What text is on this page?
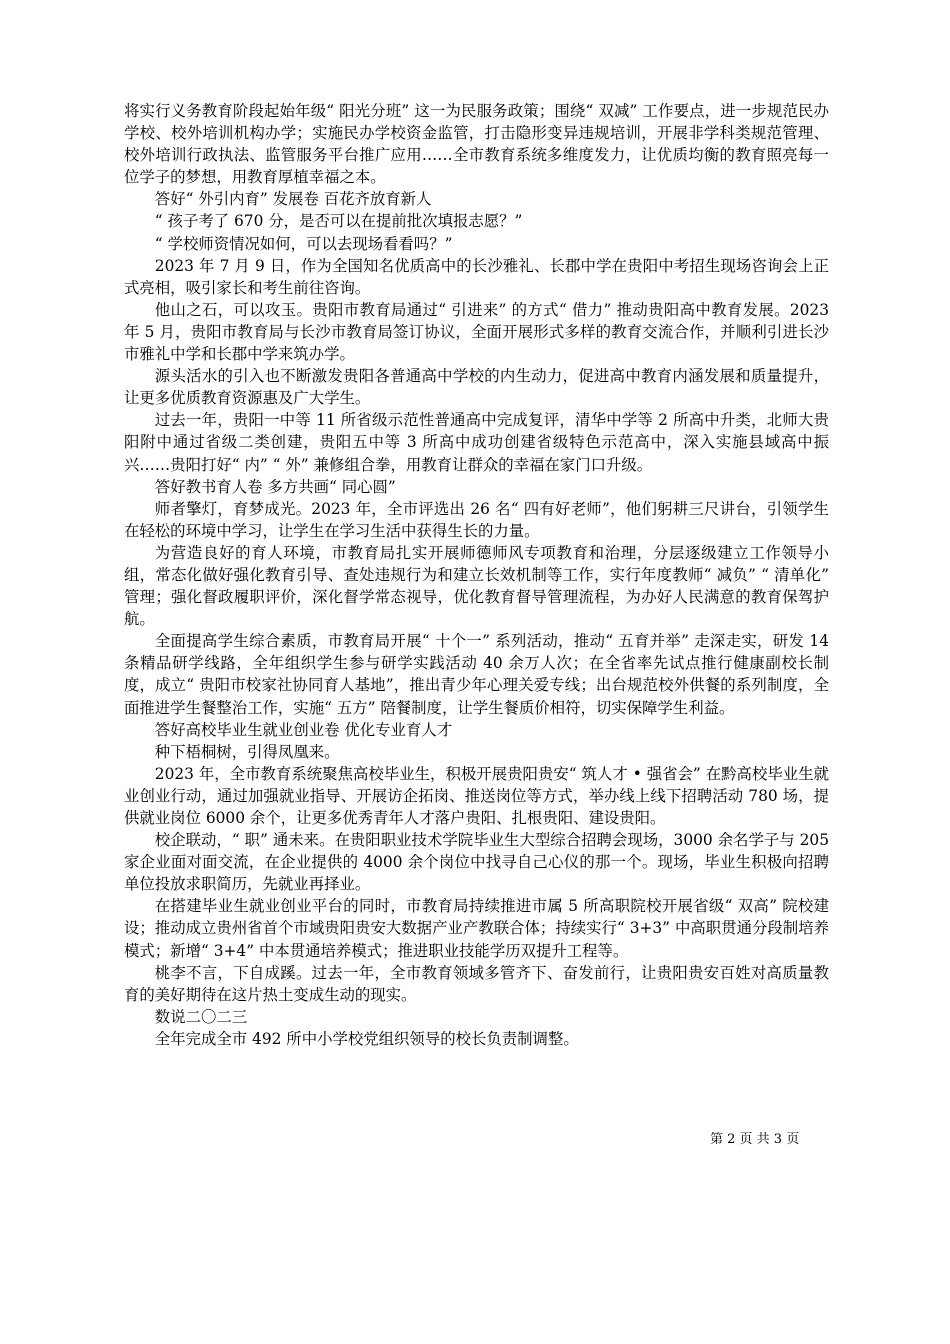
将实行义务教育阶段起始年级“ 阳光分班” 这一为民服务政策；围绕“ 双减” 工作要点，进一步规范民办学校、校外培训机构办学；实施民办学校资金监管，打击隐形变异违规培训，开展非学科类规范管理、校外培训行政执法、监管服务平台推广应用……全市教育系统多维度发力，让优质均衡的教育照亮每一位学子的梦想，用教育厚植幸福之本。

答好“ 外引内育” 发展卷 百花齐放育新人

“ 孩子考了 670 分，是否可以在提前批次填报志愿？”

“ 学校师资情况如何，可以去现场看看吗？”

2023 年 7 月 9 日，作为全国知名优质高中的长沙雅礼、长郡中学在贵阳中考招生现场咨询会上正式亮相，吸引家长和考生前往咨询。

他山之石，可以攻玉。贵阳市教育局通过“ 引进来” 的方式“ 借力” 推动贵阳高中教育发展。2023 年 5 月，贵阳市教育局与长沙市教育局签订协议，全面开展形式多样的教育交流合作，并顺利引进长沙市雅礼中学和长郡中学来筑办学。

源头活水的引入也不断激发贵阳各普通高中学校的内生动力，促进高中教育内涵发展和质量提升，让更多优质教育资源惠及广大学生。

过去一年，贵阳一中等 11 所省级示范性普通高中完成复评，清华中学等 2 所高中升类，北师大贵阳附中通过省级二类创建，贵阳五中等 3 所高中成功创建省级特色示范高中，深入实施县域高中振兴……贵阳打好“ 内” “ 外” 兼修组合拳，用教育让群众的幸福在家门口升级。

答好教书育人卷 多方共画“ 同心圆”

师者擎灯，育梦成光。2023 年，全市评选出 26 名“ 四有好老师”，他们躬耕三尺讲台，引领学生在轻松的环境中学习，让学生在学习生活中获得生长的力量。

为营造良好的育人环境，市教育局扎实开展师德师风专项教育和治理，分层逐级建立工作领导小组，常态化做好强化教育引导、查处违规行为和建立长效机制等工作，实行年度教师“ 减负” “ 清单化” 管理；强化督政履职评价，深化督学常态视导，优化教育督导管理流程，为办好人民满意的教育保驾护航。

全面提高学生综合素质，市教育局开展“ 十个一” 系列活动，推动“ 五育并举” 走深走实，研发 14 条精品研学线路，全年组织学生参与研学实践活动 40 余万人次；在全省率先试点推行健康副校长制度，成立“ 贵阳市校家社协同育人基地”，推出青少年心理关爱专线；出台规范校外供餐的系列制度，全面推进学生餐整治工作，实施“ 五方” 陪餐制度，让学生餐质价相符，切实保障学生利益。

答好高校毕业生就业创业卷 优化专业育人才

种下梧桐树，引得凤凰来。

2023 年，全市教育系统聚焦高校毕业生，积极开展贵阳贵安“ 筑人才 • 强省会” 在黔高校毕业生就业创业行动，通过加强就业指导、开展访企拓岗、推送岗位等方式，举办线上线下招聘活动 780 场，提供就业岗位 6000 余个，让更多优秀青年人才落户贵阳、扎根贵阳、建设贵阳。

校企联动，“ 职” 通未来。在贵阳职业技术学院毕业生大型综合招聘会现场，3000 余名学子与 205 家企业面对面交流，在企业提供的 4000 余个岗位中找寻自己心仪的那一个。现场，毕业生积极向招聘单位投放求职简历，先就业再择业。

在搭建毕业生就业创业平台的同时，市教育局持续推进市属 5 所高职院校开展省级“ 双高” 院校建设；推动成立贵州省首个市域贵阳贵安大数据产业产教联合体；持续实行“ 3+3” 中高职贯通分段制培养模式；新增“ 3+4” 中本贯通培养模式；推进职业技能学历双提升工程等。

桃李不言，下自成蹊。过去一年，全市教育领域多管齐下、奋发前行，让贵阳贵安百姓对高质量教育的美好期待在这片热土变成生动的现实。

数说二〇二三

全年完成全市 492 所中小学校党组织领导的校长负责制调整。

第 2 页 共 3 页
